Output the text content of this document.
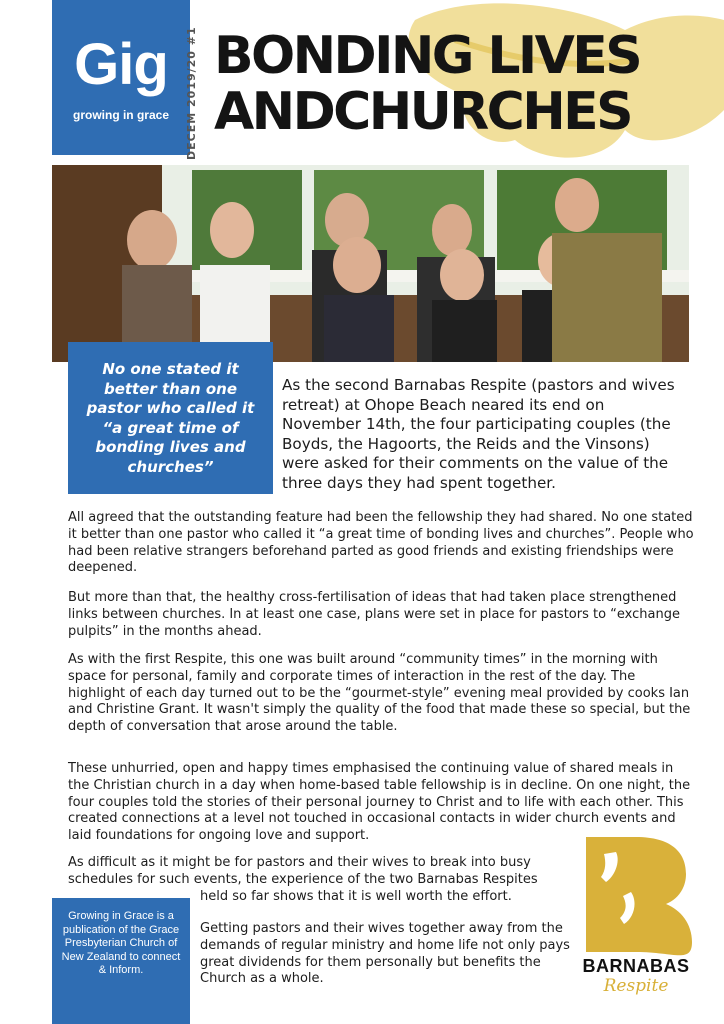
Gig
growing in grace	DECEM 2019/20 #1 BONDING LIVES
ANDCHURCHES
No one stated it better than one pastor who called it “a great time of bonding lives and churches”

As the second Barnabas Respite (pastors and wives retreat) at Ohope Beach neared its end on November 14th, the four participating couples (the Boyds, the Hagoorts, the Reids and the Vinsons) were asked for their comments on the value of the three days they had spent together.

All agreed that the outstanding feature had been the fellowship they had shared. No one stated it better than one pastor who called it “a great time of bonding lives and churches”. People who had been relative strangers beforehand parted as good friends and existing friendships were deepened.

But more than that, the healthy cross-fertilisation of ideas that had taken place strengthened links between churches. In at least one case, plans were set in place for pastors to “exchange pulpits” in the months ahead.

As with the first Respite, this one was built around “community times” in the morning with space for personal, family and corporate times of interaction in the rest of the day. The highlight of each day turned out to be the “gourmet-style” evening meal provided by cooks Ian and Christine Grant. It wasn't simply the quality of the food that made these so special, but the depth of conversation that arose around the table.

These unhurried, open and happy times emphasised the continuing value of shared meals in the Christian church in a day when home-based table fellowship is in decline. On one night, the four couples told the stories of their personal journey to Christ and to life with each other. This created connections at a level not touched in occasional contacts in wider church events and laid foundations for ongoing love and support.

As difficult as it might be for pastors and their wives to break into busy schedules for such events, the experience of the two Barnabas Respites

held so far shows that it is well worth the effort.

Getting pastors and their wives together away from the demands of regular ministry and home life not only pays great dividends for them personally but benefits the Church as a whole.

Growing in Grace is a publication of the Grace Presbyterian Church of New Zealand to connect & Inform.	BARNABAS
Respite
